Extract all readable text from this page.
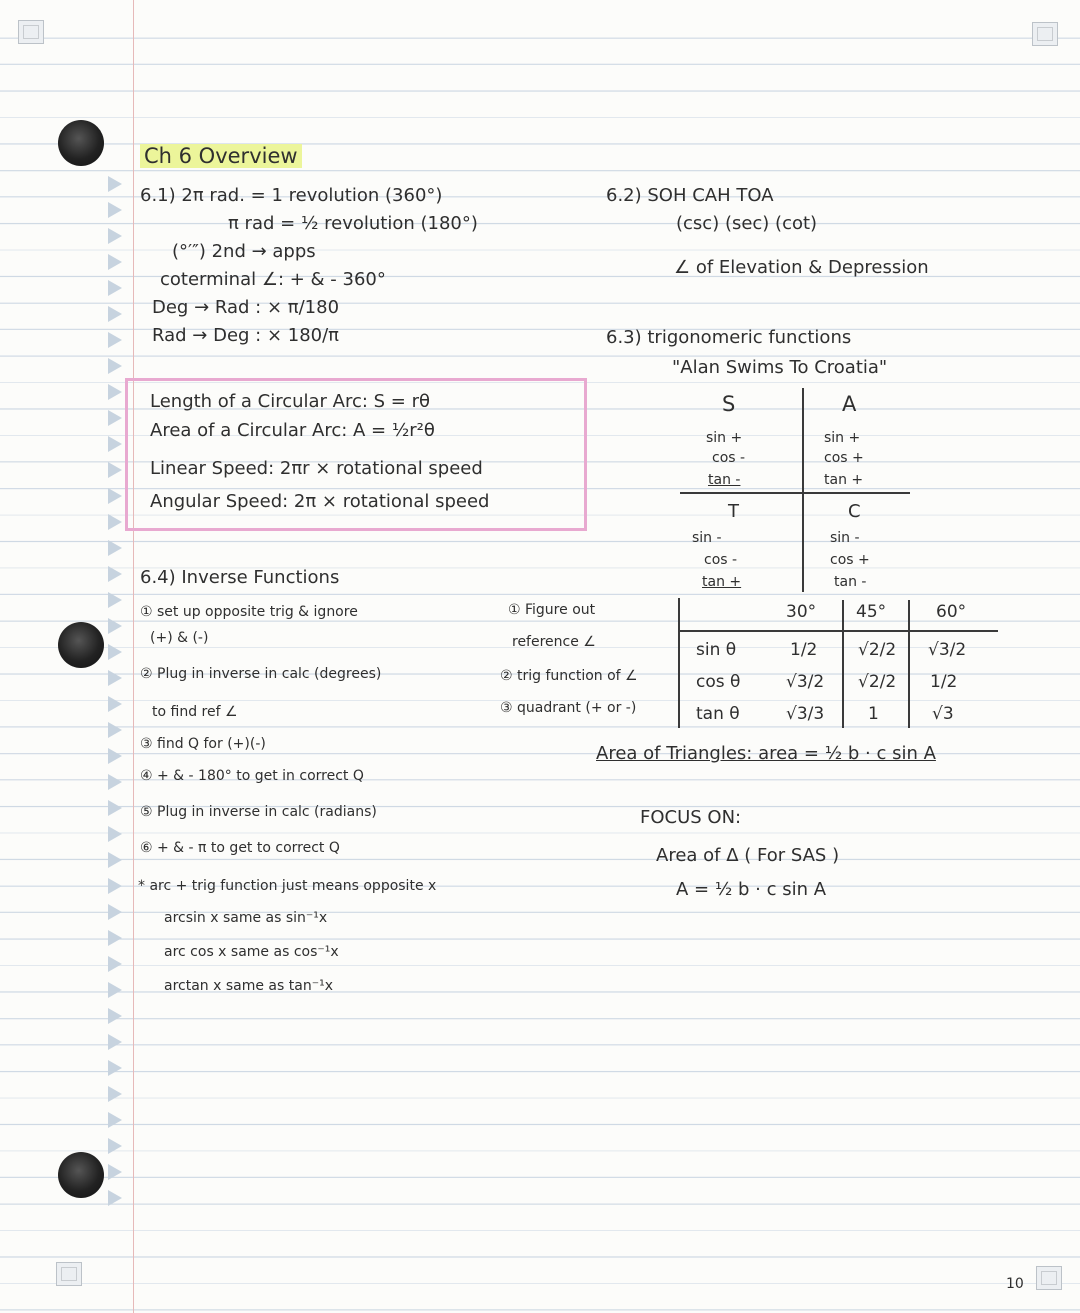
Ch 6 Overview
6.1) 2π rad. = 1 revolution (360°)
π rad = ½ revolution (180°)
(°′″) 2nd → apps
coterminal ∠: + & - 360°
Deg → Rad : × π/180
Rad → Deg : × 180/π
Length of a Circular Arc: S = rθ
Area of a Circular Arc: A = ½r²θ
Linear Speed: 2πr × rotational speed
Angular Speed: 2π × rotational speed
6.2) SOH CAH TOA
(csc) (sec) (cot)
∠ of Elevation & Depression
6.3) trigonomeric functions
"Alan Swims To Croatia"
S
sin +
cos -
tan -
A
sin +
cos +
tan +
T
sin -
cos -
tan +
C
sin -
cos +
tan -
6.4) Inverse Functions
① set up opposite trig & ignore
(+) & (-)
② Plug in inverse in calc (degrees)
to find ref ∠
③ find Q for (+)(-)
④ + & - 180° to get in correct Q
⑤ Plug in inverse in calc (radians)
⑥ + & - π to get to correct Q
* arc + trig function just means opposite x
arcsin x same as sin⁻¹x
arc cos x same as cos⁻¹x
arctan x same as tan⁻¹x
① Figure out
reference ∠
② trig function of ∠
③ quadrant (+ or -)
30° 45°	60°
sin θ	1/2 √2/2 √3/2
cos θ	√3/2 √2/2 1/2
tan θ	√3/3	1	√3
Area of Triangles: area = ½ b · c sin A
FOCUS ON:
Area of Δ ( For SAS )
A = ½ b · c sin A
10
